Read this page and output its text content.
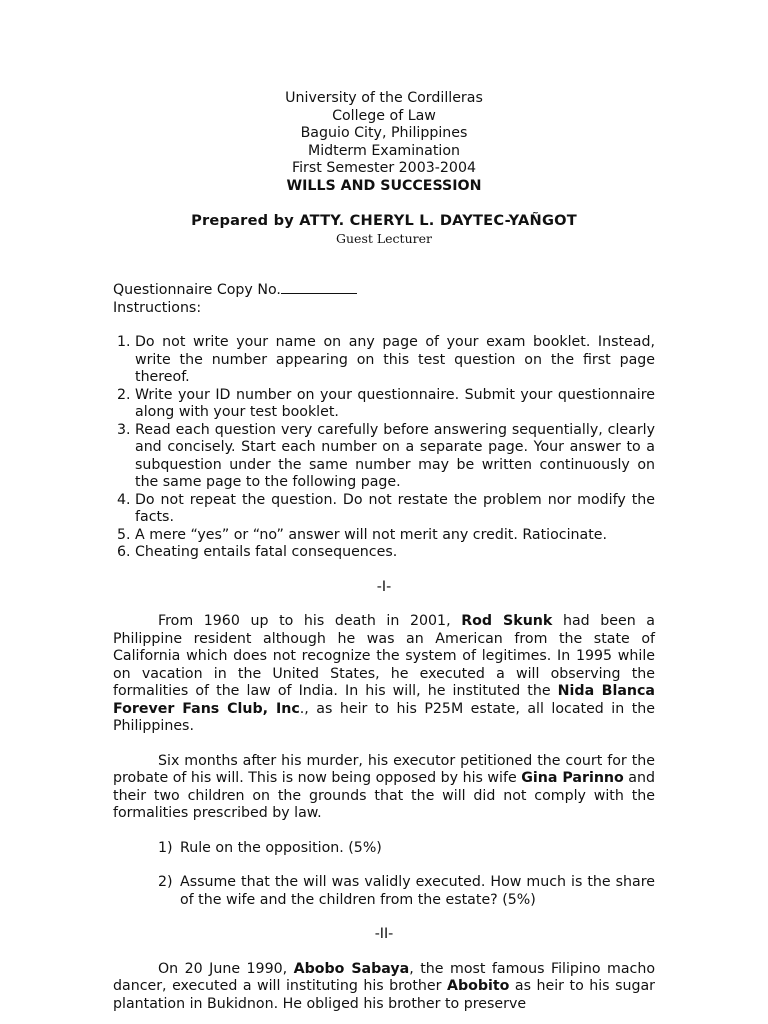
University of the Cordilleras
College of Law
Baguio City, Philippines
Midterm Examination
First Semester 2003-2004
WILLS AND SUCCESSION
Prepared by ATTY. CHERYL L. DAYTEC-YAÑGOT
Guest Lecturer
Questionnaire Copy No.
Instructions:
1. Do not write your name on any page of your exam booklet. Instead, write the number appearing on this test question on the first page thereof.
2. Write your ID number on your questionnaire. Submit your questionnaire along with your test booklet.
3. Read each question very carefully before answering sequentially, clearly and concisely. Start each number on a separate page. Your answer to a subquestion under the same number may be written continuously on the same page to the following page.
4. Do not repeat the question. Do not restate the problem nor modify the facts.
5. A mere “yes” or “no” answer will not merit any credit. Ratiocinate.
6. Cheating entails fatal consequences.
-I-
From 1960 up to his death in 2001, Rod Skunk had been a Philippine resident although he was an American from the state of California which does not recognize the system of legitimes. In 1995 while on vacation in the United States, he executed a will observing the formalities of the law of India. In his will, he instituted the Nida Blanca Forever Fans Club, Inc., as heir to his P25M estate, all located in the Philippines.
Six months after his murder, his executor petitioned the court for the probate of his will. This is now being opposed by his wife Gina Parinno and their two children on the grounds that the will did not comply with the formalities prescribed by law.
1) Rule on the opposition. (5%)
2) Assume that the will was validly executed. How much is the share of the wife and the children from the estate? (5%)
-II-
On 20 June 1990, Abobo Sabaya, the most famous Filipino macho dancer, executed a will instituting his brother Abobito as heir to his sugar plantation in Bukidnon. He obliged his brother to preserve
